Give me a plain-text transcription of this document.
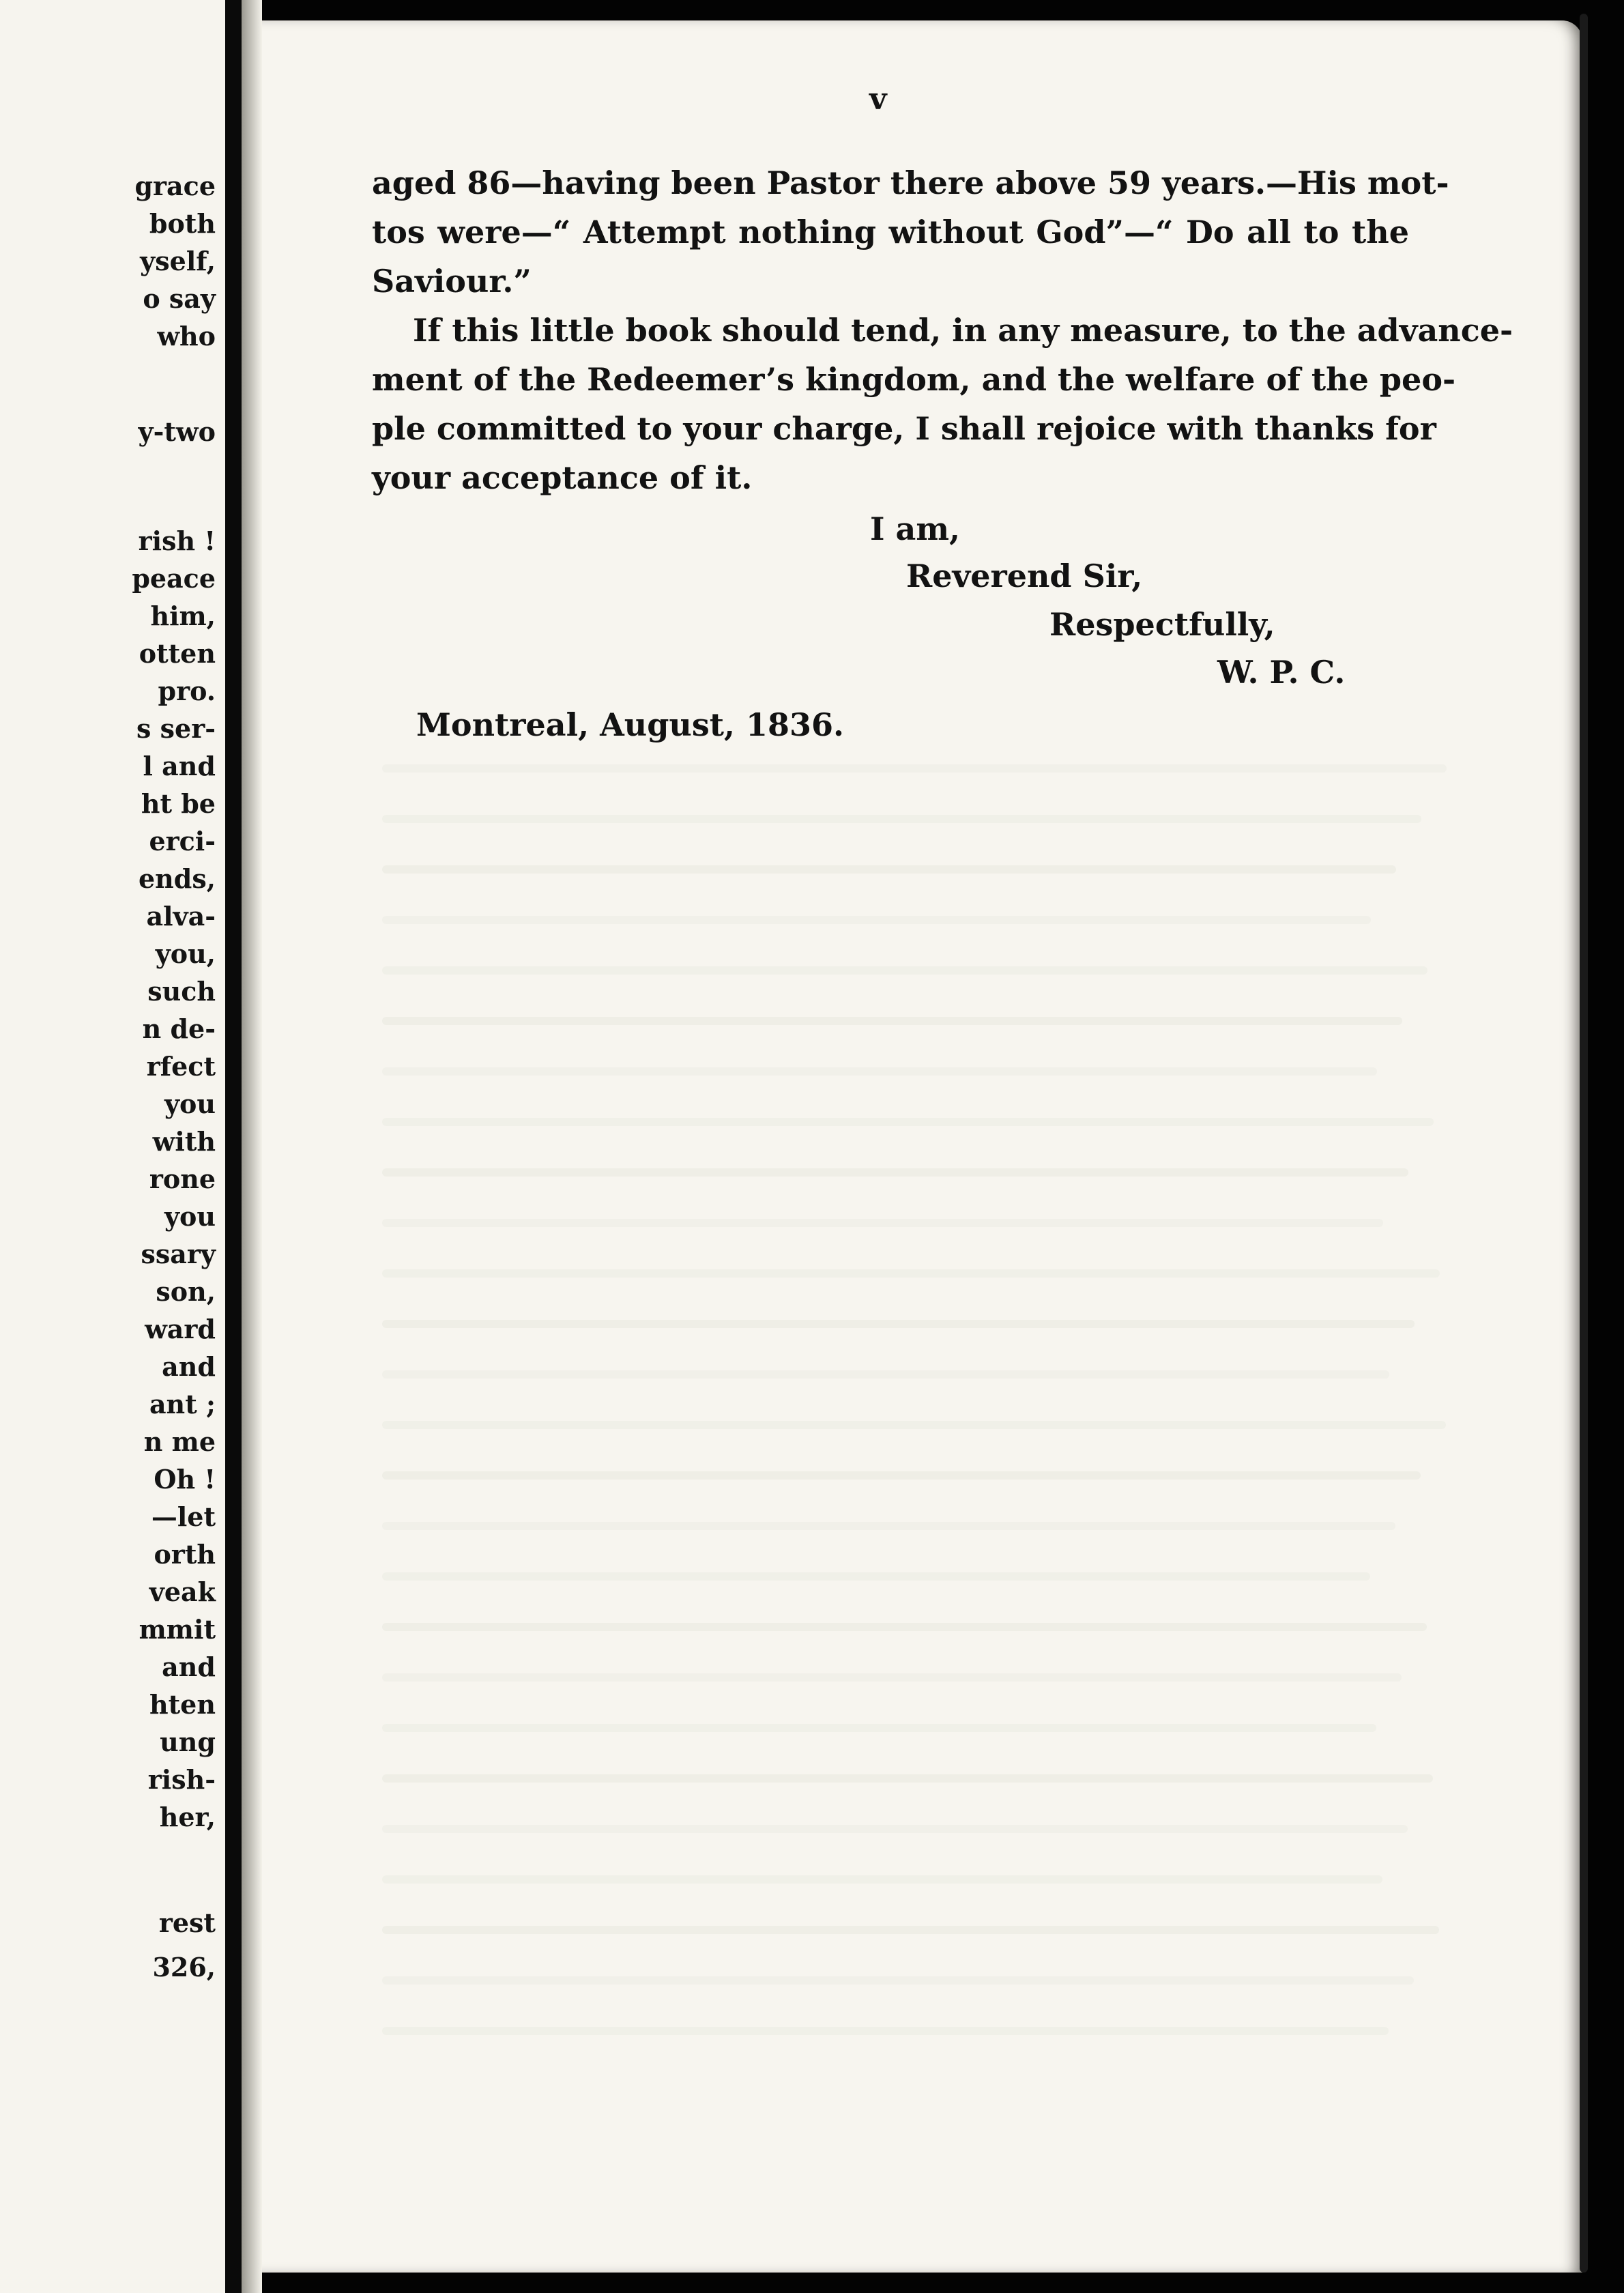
grace
both
yself,
o say
who
y-two
rish !
peace
him,
otten
pro.
s ser-
l and
ht be
erci-
ends,
alva-
you,
such
n de-
rfect
you
with
rone
you
ssary
son,
ward
and
ant ;
n me
Oh !
—let
orth
veak
mmit
and
hten
ung
rish-
her,
rest
326,
v
aged 86—having been Pastor there above 59 years.—His mot-
tos were—“ Attempt nothing without God”—“ Do all to the
Saviour.”
If this little book should tend, in any measure, to the advance-
ment of the Redeemer’s kingdom, and the welfare of the peo-
ple committed to your charge, I shall rejoice with thanks for
your acceptance of it.
I am,
Reverend Sir,
Respectfully,
W. P. C.
Montreal, August, 1836.
